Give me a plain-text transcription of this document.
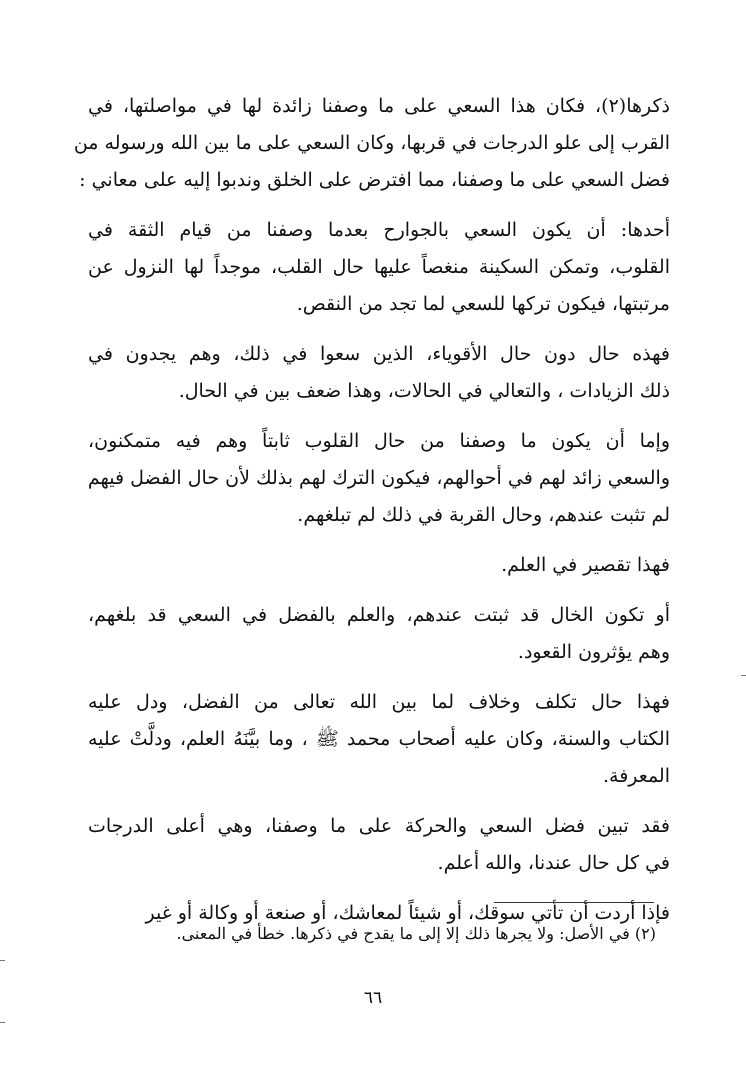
ذكرها(٢)، فكان هذا السعي على ما وصفنا زائدة لها في مواصلتها، في
القرب إلى علو الدرجات في قربها، وكان السعي على ما بين الله ورسوله من
فضل السعي على ما وصفنا، مما افترض على الخلق وندبوا إليه على معاني :
أحدها: أن يكون السعي بالجوارح بعدما وصفنا من قيام الثقة في
القلوب، وتمكن السكينة منغصاً عليها حال القلب، موجداً لها النزول عن
مرتبتها، فيكون تركها للسعي لما تجد من النقص.
فهذه حال دون حال الأقوياء، الذين سعوا في ذلك، وهم يجدون في
ذلك الزيادات ، والتعالي في الحالات، وهذا ضعف بين في الحال.
وإما أن يكون ما وصفنا من حال القلوب ثابتاً وهم فيه متمكنون،
والسعي زائد لهم في أحوالهم، فيكون الترك لهم بذلك لأن حال الفضل فيهم
لم تثبت عندهم، وحال القربة في ذلك لم تبلغهم.
فهذا تقصير في العلم.
أو تكون الخال قد ثبتت عندهم، والعلم بالفضل في السعي قد بلغهم،
وهم يؤثرون القعود.
فهذا حال تكلف وخلاف لما بين الله تعالى من الفضل، ودل عليه
الكتاب والسنة، وكان عليه أصحاب محمد ﷺ ، وما بيَّنَهُ العلم، ودلَّتْ عليه
المعرفة.
فقد تبين فضل السعي والحركة على ما وصفنا، وهي أعلى الدرجات
في كل حال عندنا، والله أعلم.
فإذا أردت أن تأتي سوقك، أو شيئاً لمعاشك، أو صنعة أو وكالة أو غير
(٢) في الأصل: ولا يجرها ذلك إلا إلى ما يقدح في ذكرها. خطأ في المعنى.
٦٦
